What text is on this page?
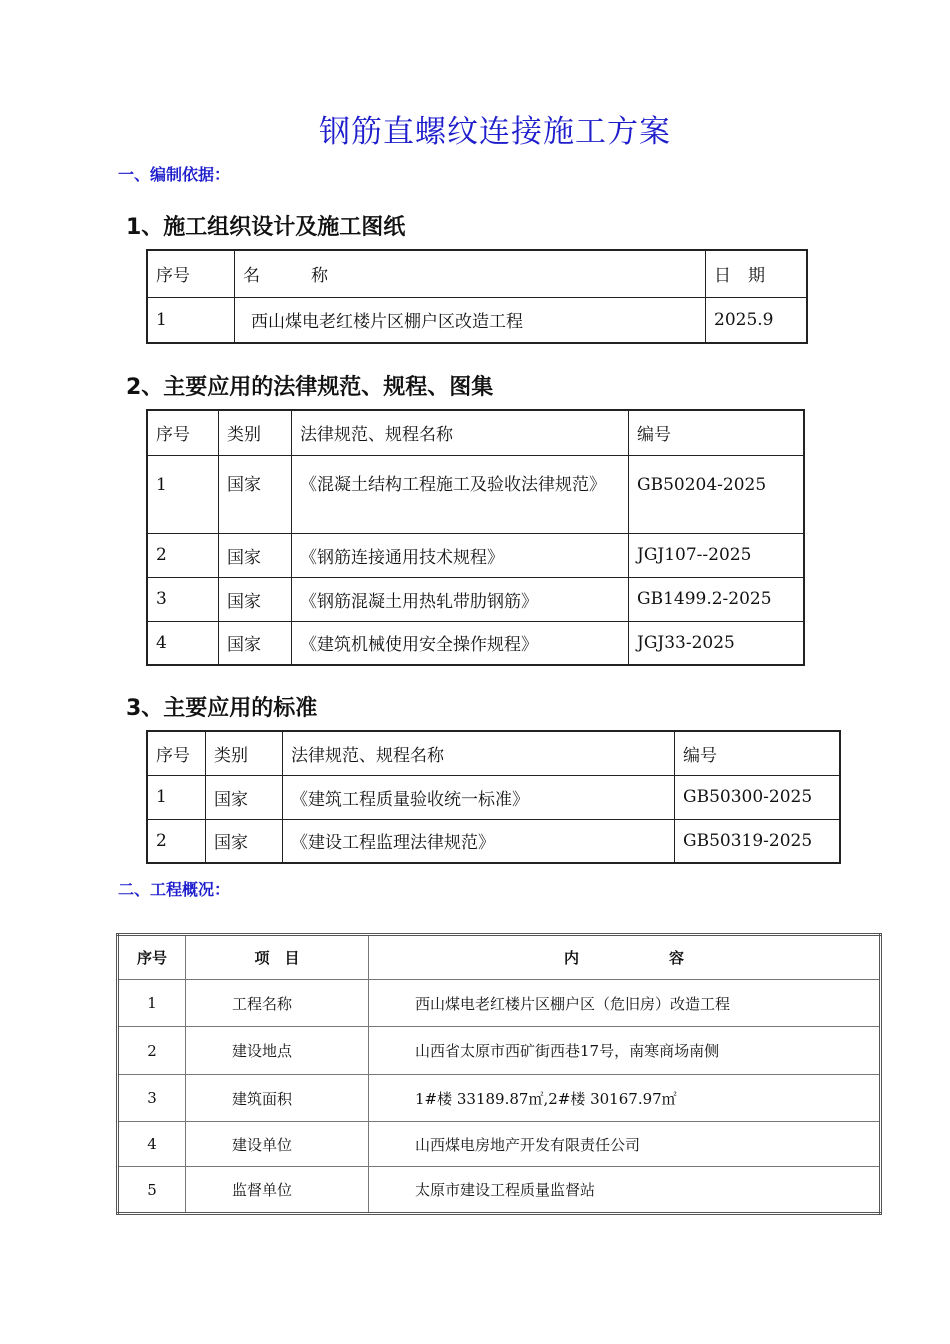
钢筋直螺纹连接施工方案
一、编制依据：
1、施工组织设计及施工图纸
序号	名　　　称	日　期
1	西山煤电老红楼片区棚户区改造工程	2025.9
2、主要应用的法律规范、规程、图集
序号	类别	法律规范、规程名称	编号
1	国家	《混凝土结构工程施工及验收法律规范》	GB50204-2025
2	国家	《钢筋连接通用技术规程》	JGJ107--2025
3	国家	《钢筋混凝土用热轧带肋钢筋》	GB1499.2-2025
4	国家	《建筑机械使用安全操作规程》	JGJ33-2025
3、主要应用的标准
序号	类别	法律规范、规程名称	编号
1	国家	《建筑工程质量验收统一标准》	GB50300-2025
2	国家	《建设工程监理法律规范》	GB50319-2025
二、工程概况：
序号	项　目	内　　　　　　容
1	工程名称	西山煤电老红楼片区棚户区（危旧房）改造工程
2	建设地点	山西省太原市西矿街西巷17号，南寒商场南侧
3	建筑面积	1#楼 33189.87㎡,2#楼 30167.97㎡
4	建设单位	山西煤电房地产开发有限责任公司
5	监督单位	太原市建设工程质量监督站
